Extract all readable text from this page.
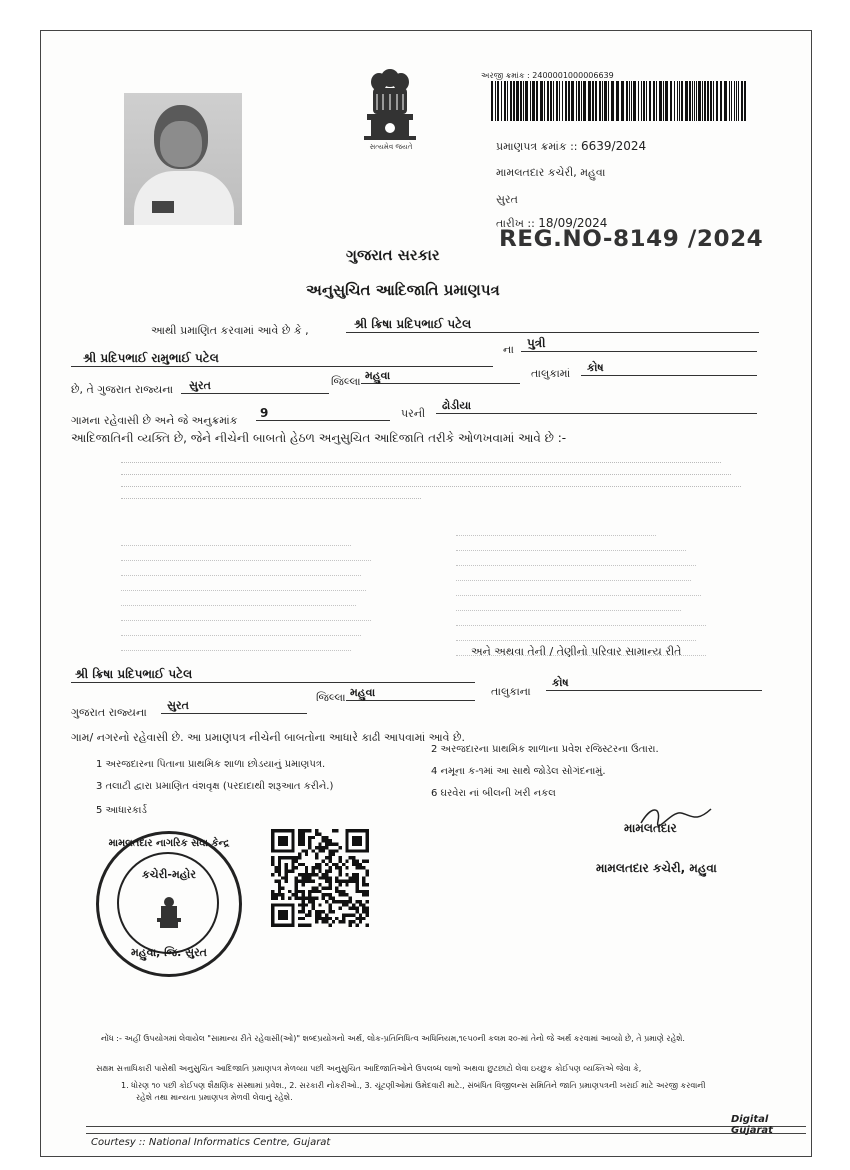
સત્યમેવ જયતે
અરજી ક્રમાંક : 2400001000006639
પ્રમાણપત્ર ક્રમાંક :: 6639/2024
મામલતદાર કચેરી, મહુવા
સુરત
તારીખ :: 18/09/2024
REG.NO-8149 /2024
ગુજરાત સરકાર
અનુસુચિત આદિજાતિ પ્રમાણપત્ર
આથી પ્રમાણિત કરવામાં આવે છે કે ,	શ્રી ક્રિષા પ્રદિપભાઈ પટેલ
શ્રી પ્રદિપભાઈ રામુભાઈ પટેલ
ના	પુત્રી
છે, તે ગુજરાત રાજ્યના	સુરત	જિલ્લા મહુવા	તાલુકામાં	કોષ
ગામના રહેવાસી છે અને જે અનુક્રમાંક
9	પરની
ઢોડીયા
આદિજાતિની વ્યક્તિ છે, જેને નીચેની બાબતો હેઠળ અનુસુચિત આદિજાતિ તરીકે ઓળખવામાં આવે છે :-
અને અથવા તેની / તેણીનો પરિવાર સામાન્ય રીતે
શ્રી ક્રિષા પ્રદિપભાઈ પટેલ
ગુજરાત રાજ્યના
સુરત
જિલ્લા મહુવા	તાલુકાના
કોષ
ગામ/ નગરનો રહેવાસી છે. આ પ્રમાણપત્ર નીચેની બાબતોના આધારે કાઢી આપવામાં આવે છે.
1 અરજદારના પિતાના પ્રાથમિક શાળા છોડયાનું પ્રમાણપત્ર.
2 અરજદારના પ્રાથમિક શાળાના પ્રવેશ રજિસ્ટરના ઉતારા.
3 તલાટી દ્વારા પ્રમાણિત વંશવૃક્ષ (પરદાદાથી શરૂઆત કરીને.)
4 નમૂના ક-૧માં આ સાથે જોડેલ સોગંદનામું.
5 આધારકાર્ડ
6 ઘરવેરા નાં બીલની ખરી નકલ
મામલતદાર
મામલતદાર કચેરી, મહુવા
મામલતદાર નાગરિક સેવા કેન્દ્ર
કચેરી-મહોર
મહુવા, જિ. સુરત
નોંધ :- અહીં ઉપયોગમાં લેવાયેલ "સામાન્ય રીતે રહેવાસી(ઓ)" શબ્દપ્રયોગનો અર્થ, લોક-પ્રતિનિધિત્વ અધિનિયમ,૧૯૫૦ની કલમ ૨૦-માં તેનો જે અર્થ કરવામાં આવ્યો છે, તે પ્રમાણે રહેશે.
સક્ષમ સત્તાધિકારી પાસેથી અનુસુચિત આદિજાતિ પ્રમાણપત્ર મેળવ્યા પછી અનુસુચિત આદિજાતિઓને ઉપલબ્ધ લાભો અથવા છુટછાટો લેવા ઇચ્છુક કોઈપણ વ્યક્તિએ જેવા કે,
1. ધોરણ ૧૦ પછી કોઈપણ શૈક્ષણિક સંસ્થામાં પ્રવેશ., 2. સરકારી નોકરીઓ., 3. ચૂંટણીઓમાં ઉમેદવારી માટે., સંબંધિત વિજીલન્સ સમિતિને જાતિ પ્રમાણપત્રની ખરાઈ માટે અરજી કરવાની
રહેશે તથા માન્યતા પ્રમાણપત્ર મેળવી લેવાનું રહેશે.
Digital Gujarat
Courtesy :: National Informatics Centre, Gujarat
